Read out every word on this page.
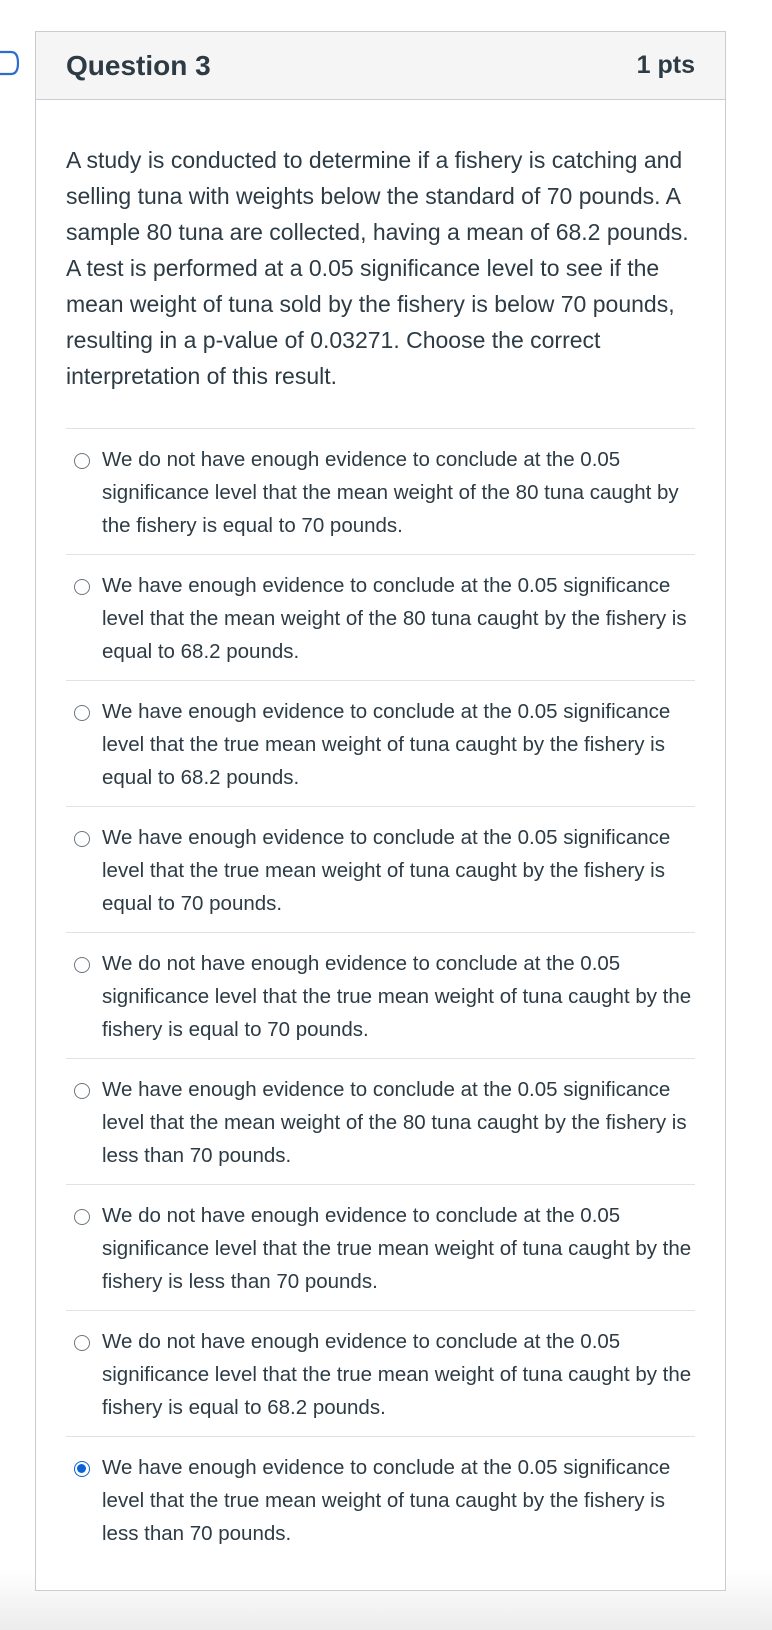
Question 3	1 pts

A study is conducted to determine if a fishery is catching and selling tuna with weights below the standard of 70 pounds. A sample 80 tuna are collected, having a mean of 68.2 pounds. A test is performed at a 0.05 significance level to see if the mean weight of tuna sold by the fishery is below 70 pounds, resulting in a p-value of 0.03271. Choose the correct interpretation of this result.

We do not have enough evidence to conclude at the 0.05 significance level that the mean weight of the 80 tuna caught by the fishery is equal to 70 pounds.
We have enough evidence to conclude at the 0.05 significance level that the mean weight of the 80 tuna caught by the fishery is equal to 68.2 pounds.
We have enough evidence to conclude at the 0.05 significance level that the true mean weight of tuna caught by the fishery is equal to 68.2 pounds.
We have enough evidence to conclude at the 0.05 significance level that the true mean weight of tuna caught by the fishery is equal to 70 pounds.
We do not have enough evidence to conclude at the 0.05 significance level that the true mean weight of tuna caught by the fishery is equal to 70 pounds.
We have enough evidence to conclude at the 0.05 significance level that the mean weight of the 80 tuna caught by the fishery is less than 70 pounds.
We do not have enough evidence to conclude at the 0.05 significance level that the true mean weight of tuna caught by the fishery is less than 70 pounds.
We do not have enough evidence to conclude at the 0.05 significance level that the true mean weight of tuna caught by the fishery is equal to 68.2 pounds.
We have enough evidence to conclude at the 0.05 significance level that the true mean weight of tuna caught by the fishery is less than 70 pounds.
